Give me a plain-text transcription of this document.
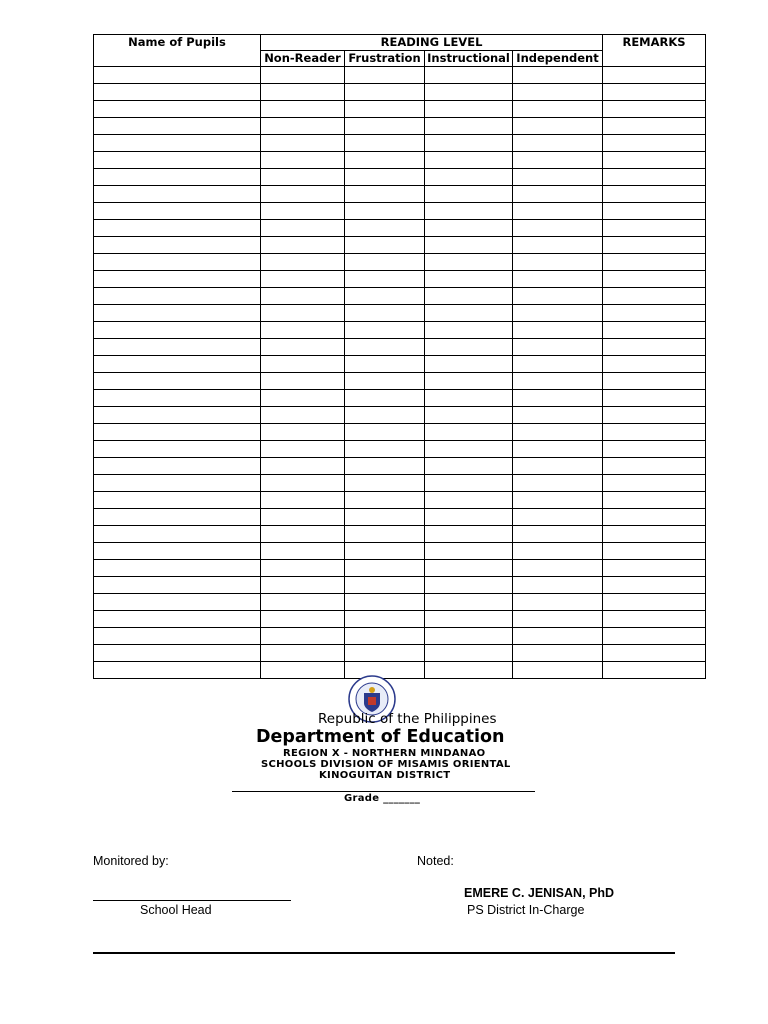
Name of Pupils	READING LEVEL				REMARKS
	Non-Reader	Frustration	Instructional	Independent	

Republic of the Philippines
Department of Education
REGION X - NORTHERN MINDANAO
SCHOOLS DIVISION OF MISAMIS ORIENTAL
KINOGUITAN DISTRICT
Grade _______
Monitored by:	Noted:
School Head
EMERE C. JENISAN, PhD
PS District In-Charge
